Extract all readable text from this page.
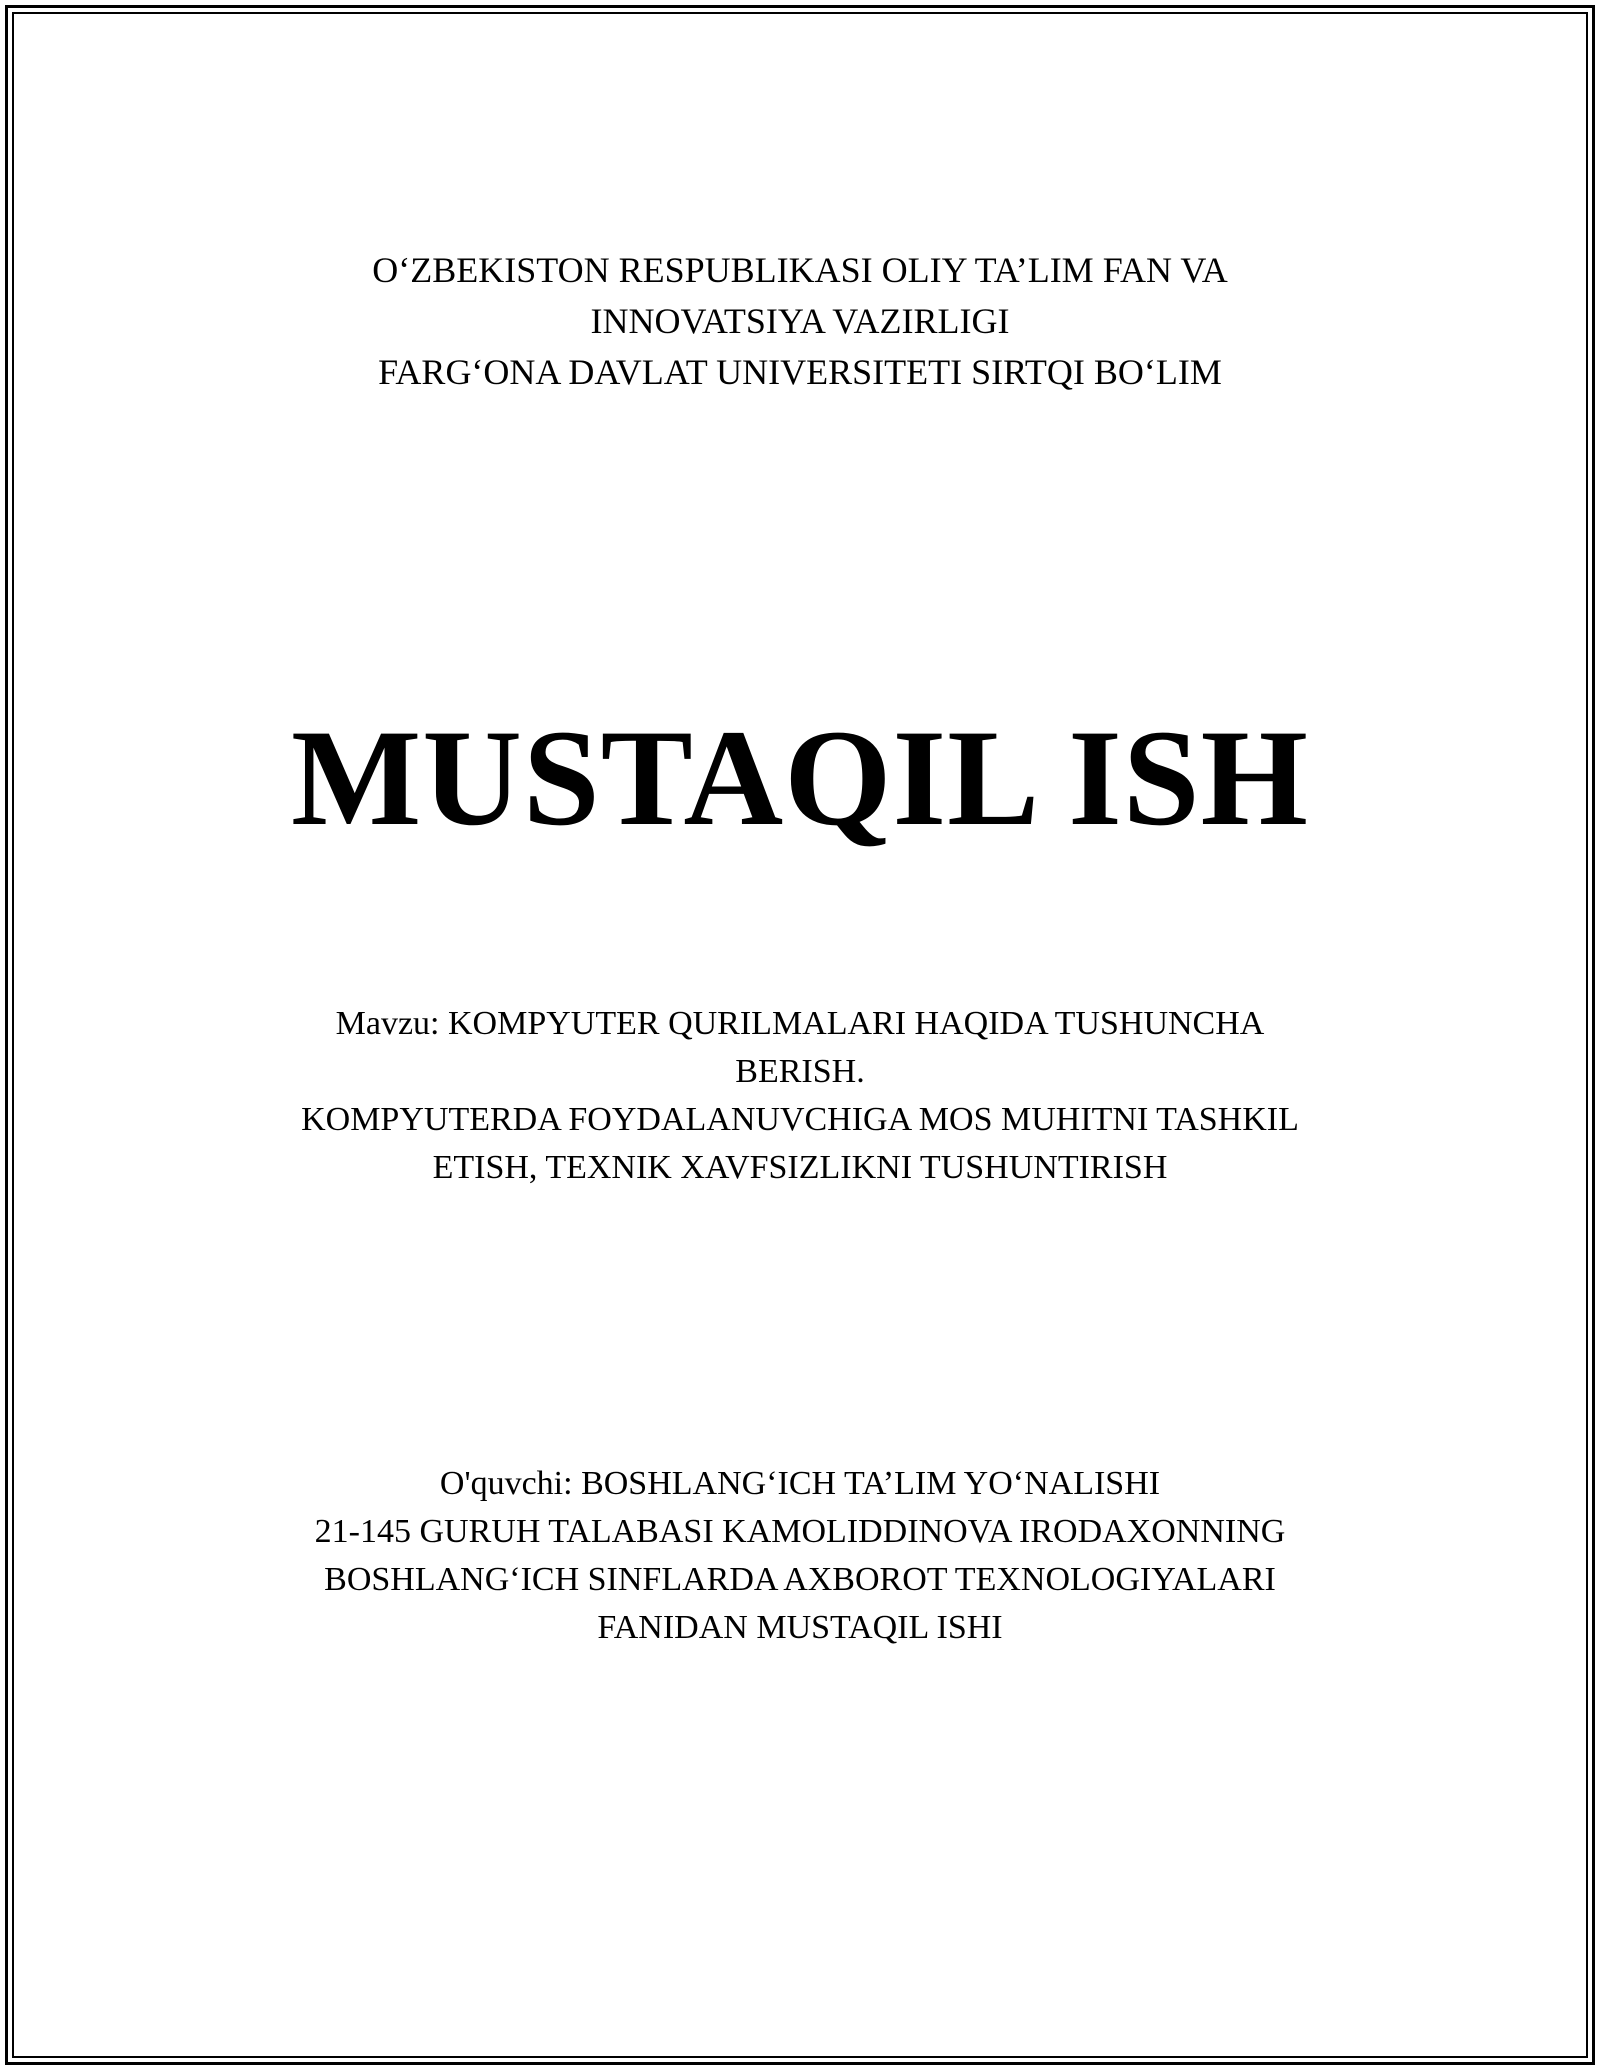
O‘ZBEKISTON RESPUBLIKASI OLIY TA’LIM FAN VA
INNOVATSIYA VAZIRLIGI
FARG‘ONA DAVLAT UNIVERSITETI SIRTQI BO‘LIM
MUSTAQIL ISH
Mavzu: KOMPYUTER QURILMALARI HAQIDA TUSHUNCHA
BERISH.
KOMPYUTERDA FOYDALANUVCHIGA MOS MUHITNI TASHKIL
ETISH, TEXNIK XAVFSIZLIKNI TUSHUNTIRISH
O'quvchi: BOSHLANG‘ICH TA’LIM YO‘NALISHI
21-145 GURUH TALABASI KAMOLIDDINOVA IRODAXONNING
BOSHLANG‘ICH SINFLARDA AXBOROT TEXNOLOGIYALARI
FANIDAN MUSTAQIL ISHI
